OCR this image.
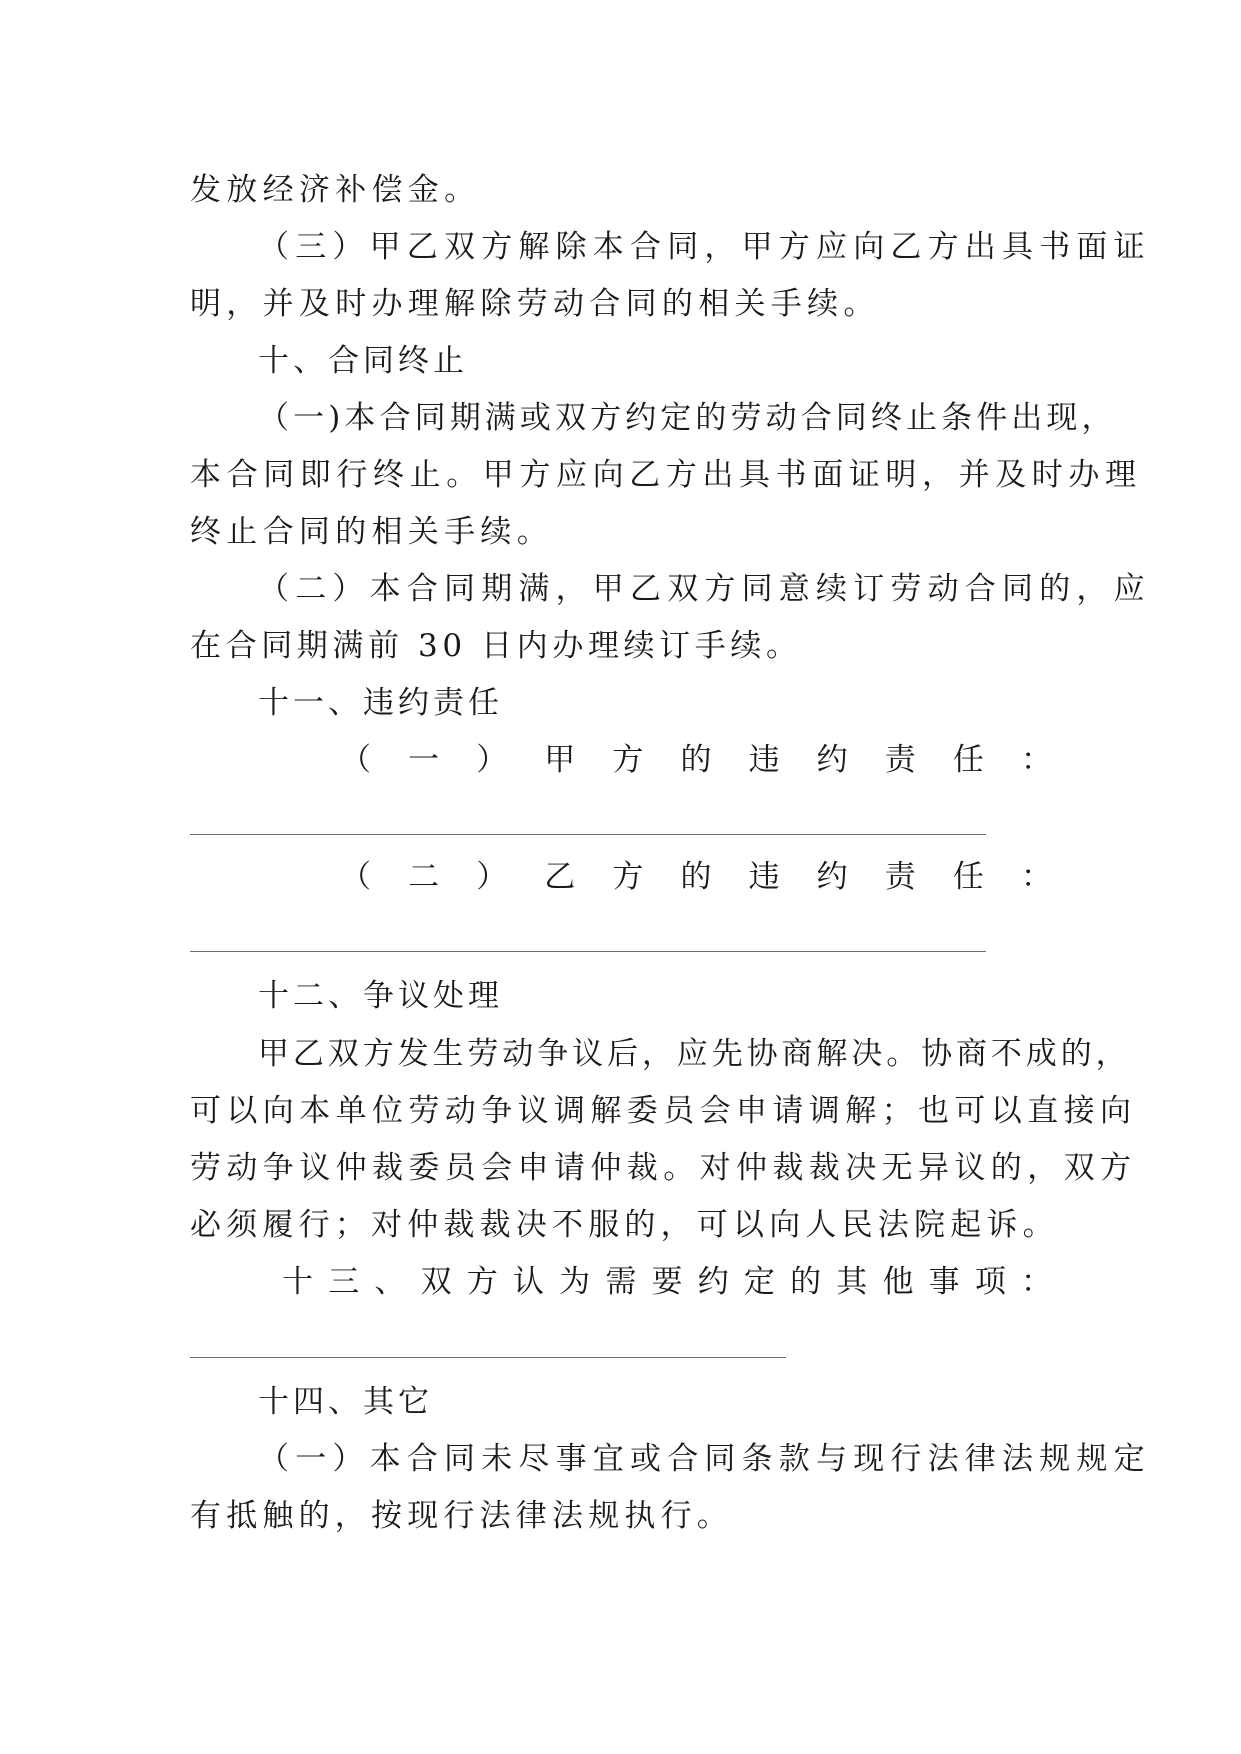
发放经济补偿金。
（三）甲乙双方解除本合同，甲方应向乙方出具书面证
明，并及时办理解除劳动合同的相关手续。
十、合同终止
（一)本合同期满或双方约定的劳动合同终止条件出现，
本合同即行终止。甲方应向乙方出具书面证明，并及时办理
终止合同的相关手续。
（二）本合同期满，甲乙双方同意续订劳动合同的，应
在合同期满前 30 日内办理续订手续。
十一、违约责任
（ 一 ） 甲 方 的 违 约 责 任 ：
（ 二 ） 乙 方 的 违 约 责 任 ：
十二、争议处理
甲乙双方发生劳动争议后，应先协商解决。协商不成的，
可以向本单位劳动争议调解委员会申请调解；也可以直接向
劳动争议仲裁委员会申请仲裁。对仲裁裁决无异议的，双方
必须履行；对仲裁裁决不服的，可以向人民法院起诉。
十 三 、 双 方 认 为 需 要 约 定 的 其 他 事 项 ：
十四、其它
（一）本合同未尽事宜或合同条款与现行法律法规规定
有抵触的，按现行法律法规执行。
